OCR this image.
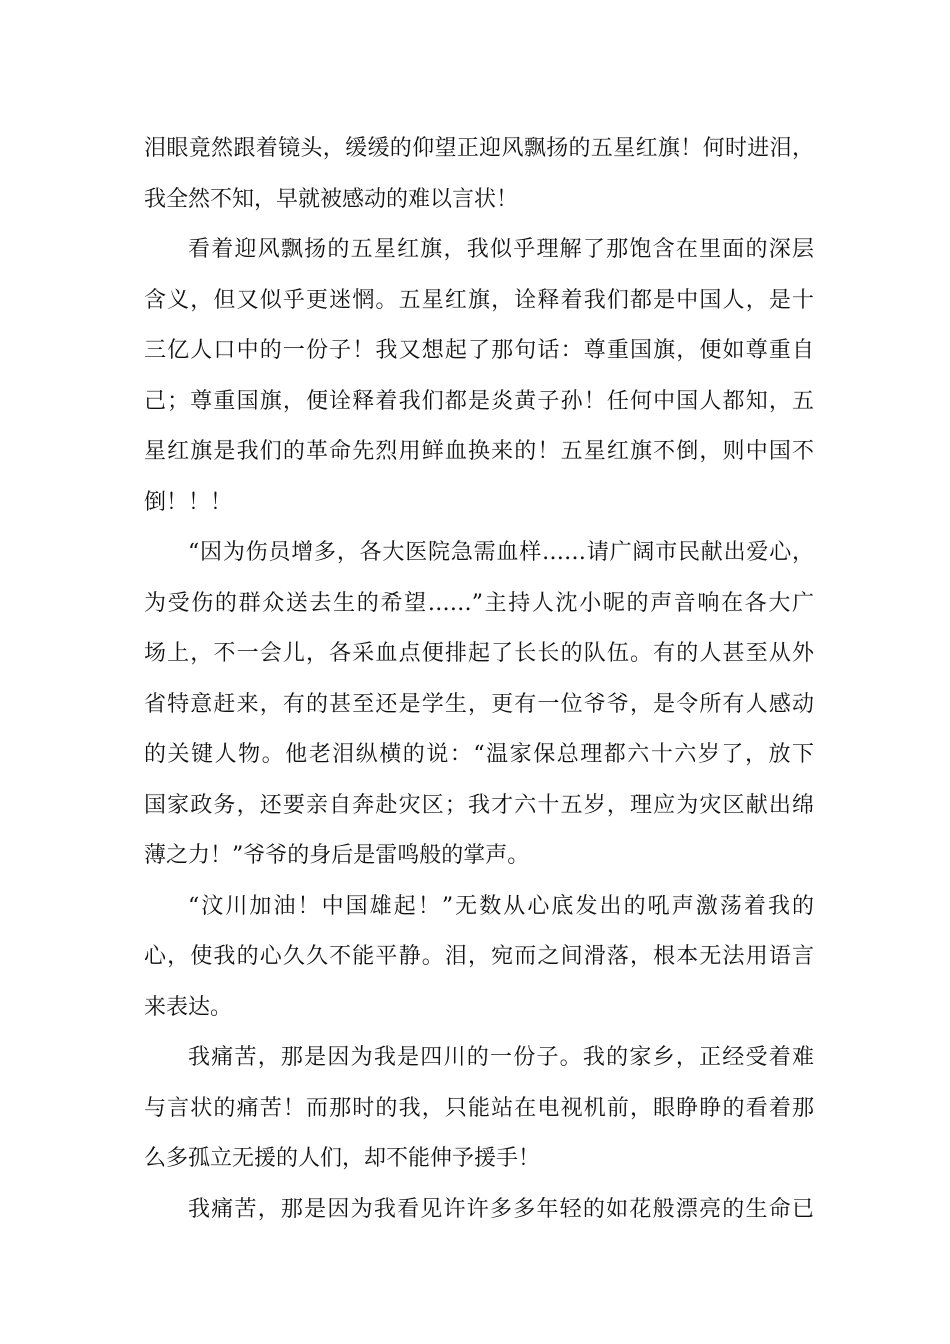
泪眼竟然跟着镜头，缓缓的仰望正迎风飘扬的五星红旗！何时进泪，
我全然不知，早就被感动的难以言状！
看着迎风飘扬的五星红旗，我似乎理解了那饱含在里面的深层
含义，但又似乎更迷惘。五星红旗，诠释着我们都是中国人，是十
三亿人口中的一份子！我又想起了那句话：尊重国旗，便如尊重自
己；尊重国旗，便诠释着我们都是炎黄子孙！任何中国人都知，五
星红旗是我们的革命先烈用鲜血换来的！五星红旗不倒，则中国不
倒！！！
“因为伤员增多，各大医院急需血样……请广阔市民献出爱心，
为受伤的群众送去生的希望……”主持人沈小昵的声音响在各大广
场上，不一会儿，各采血点便排起了长长的队伍。有的人甚至从外
省特意赶来，有的甚至还是学生，更有一位爷爷，是令所有人感动
的关键人物。他老泪纵横的说：“温家保总理都六十六岁了，放下
国家政务，还要亲自奔赴灾区；我才六十五岁，理应为灾区献出绵
薄之力！”爷爷的身后是雷鸣般的掌声。
“汶川加油！中国雄起！”无数从心底发出的吼声激荡着我的
心，使我的心久久不能平静。泪，宛而之间滑落，根本无法用语言
来表达。
我痛苦，那是因为我是四川的一份子。我的家乡，正经受着难
与言状的痛苦！而那时的我，只能站在电视机前，眼睁睁的看着那
么多孤立无援的人们，却不能伸予援手！
我痛苦，那是因为我看见许许多多年轻的如花般漂亮的生命已
